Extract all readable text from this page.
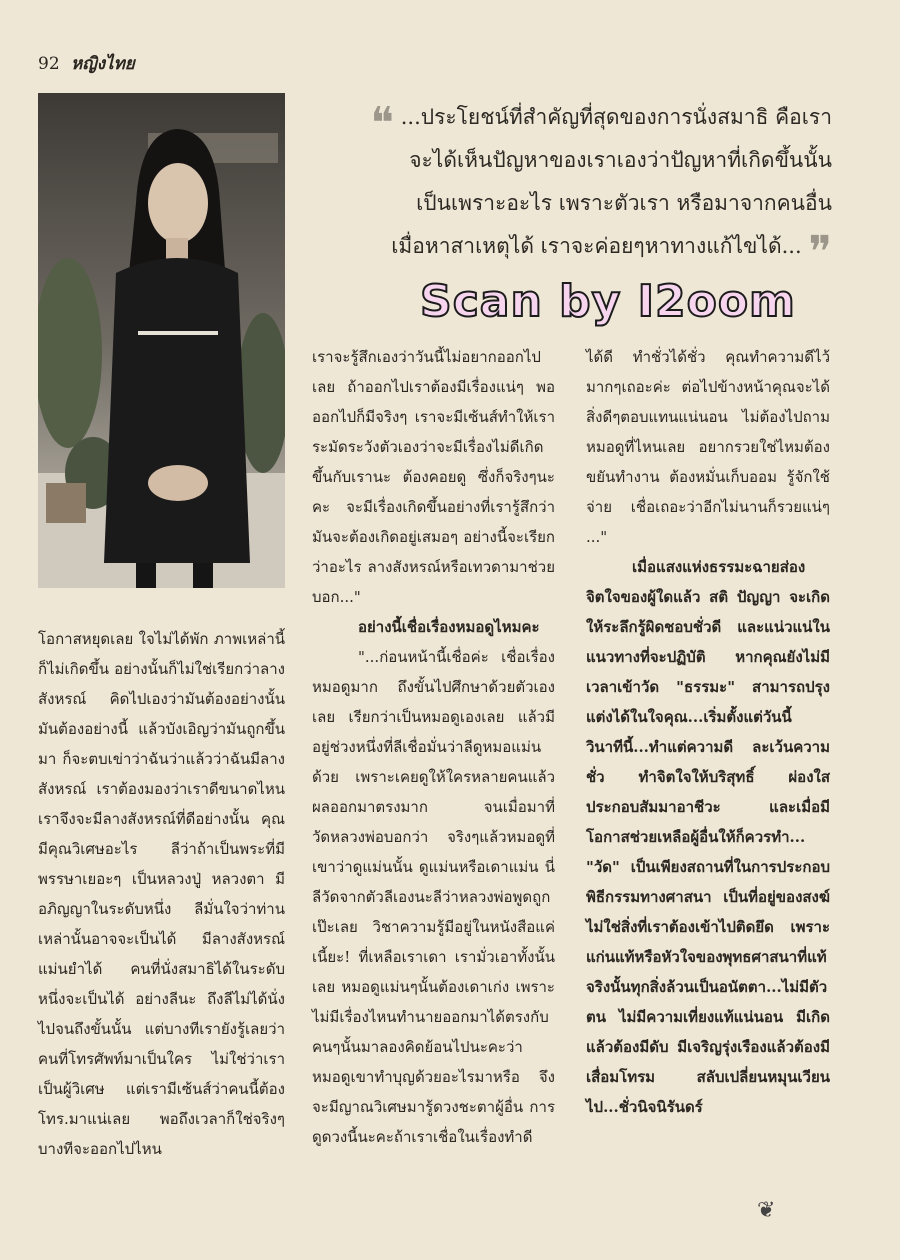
92 หญิงไทย
❝ ...ประโยชน์ที่สำคัญที่สุดของการนั่งสมาธิ คือเรา
จะได้เห็นปัญหาของเราเองว่าปัญหาที่เกิดขึ้นนั้น
เป็นเพราะอะไร เพราะตัวเรา หรือมาจากคนอื่น
เมื่อหาสาเหตุได้ เราจะค่อยๆหาทางแก้ไขได้... ❞
Scan by I2oom

โอกาสหยุดเลย ใจไม่ได้พัก ภาพเหล่านี้ก็ไม่เกิดขึ้น อย่างนั้นก็ไม่ใช่เรียกว่าลางสังหรณ์ คิดไปเองว่ามันต้องอย่างนั้น มันต้องอย่างนี้ แล้วบังเอิญว่ามันถูกขึ้นมา ก็จะตบเข่าว่าฉันว่าแล้วว่าฉันมีลางสังหรณ์ เราต้องมองว่าเราดีขนาดไหนเราจึงจะมีลางสังหรณ์ที่ดีอย่างนั้น คุณมีคุณวิเศษอะไร ลีว่าถ้าเป็นพระที่มีพรรษาเยอะๆ เป็นหลวงปู่ หลวงตา มีอภิญญาในระดับหนึ่ง ลีมั่นใจว่าท่านเหล่านั้นอาจจะเป็นได้ มีลางสังหรณ์แม่นยำได้ คนที่นั่งสมาธิได้ในระดับหนึ่งจะเป็นได้ อย่างลีนะ ถึงลีไม่ได้นั่งไปจนถึงขั้นนั้น แต่บางทีเรายังรู้เลยว่าคนที่โทรศัพท์มาเป็นใคร ไม่ใช่ว่าเราเป็นผู้วิเศษ แต่เรามีเซ้นส์ว่าคนนี้ต้องโทร.มาแน่เลย พอถึงเวลาก็ใช่จริงๆ บางทีจะออกไปไหน

เราจะรู้สึกเองว่าวันนี้ไม่อยากออกไปเลย ถ้าออกไปเราต้องมีเรื่องแน่ๆ พอออกไปก็มีจริงๆ เราจะมีเซ้นส์ทำให้เราระมัดระวังตัวเองว่าจะมีเรื่องไม่ดีเกิดขึ้นกับเรานะ ต้องคอยดู ซึ่งก็จริงๆนะคะ จะมีเรื่องเกิดขึ้นอย่างที่เรารู้สึกว่ามันจะต้องเกิดอยู่เสมอๆ อย่างนี้จะเรียกว่าอะไร ลางสังหรณ์หรือเทวดามาช่วยบอก..."

อย่างนี้เชื่อเรื่องหมอดูไหมคะ

"...ก่อนหน้านี้เชื่อค่ะ เชื่อเรื่องหมอดูมาก ถึงขั้นไปศึกษาด้วยตัวเองเลย เรียกว่าเป็นหมอดูเองเลย แล้วมีอยู่ช่วงหนึ่งที่ลีเชื่อมั่นว่าลีดูหมอแม่นด้วย เพราะเคยดูให้ใครหลายคนแล้วผลออกมาตรงมาก จนเมื่อมาที่วัดหลวงพ่อบอกว่า จริงๆแล้วหมอดูที่เขาว่าดูแม่นนั้น ดูแม่นหรือเดาแม่น นี่ลีวัดจากตัวลีเองนะลีว่าหลวงพ่อพูดถูกเป๊ะเลย วิชาความรู้มีอยู่ในหนังสือแค่เนี้ยะ! ที่เหลือเราเดา เรามั่วเอาทั้งนั้นเลย หมอดูแม่นๆนั้นต้องเดาเก่ง เพราะไม่มีเรื่องไหนทำนายออกมาได้ตรงกับคนๆนั้นมาลองคิดย้อนไปนะคะว่าหมอดูเขาทำบุญด้วยอะไรมาหรือ จึงจะมีญาณวิเศษมารู้ดวงชะตาผู้อื่น การดูดวงนี้นะคะถ้าเราเชื่อในเรื่องทำดี

ได้ดี ทำชั่วได้ชั่ว คุณทำความดีไว้มากๆเถอะค่ะ ต่อไปข้างหน้าคุณจะได้สิ่งดีๆตอบแทนแน่นอน ไม่ต้องไปถามหมอดูที่ไหนเลย อยากรวยใช่ไหมต้องขยันทำงาน ต้องหมั่นเก็บออม รู้จักใช้จ่าย เชื่อเถอะว่าอีกไม่นานก็รวยแน่ๆ ..."

เมื่อแสงแห่งธรรมะฉายส่องจิตใจของผู้ใดแล้ว สติ ปัญญา จะเกิดให้ระลึกรู้ผิดชอบชั่วดี และแน่วแน่ในแนวทางที่จะปฏิบัติ หากคุณยังไม่มีเวลาเข้าวัด "ธรรมะ" สามารถปรุงแต่งได้ในใจคุณ...เริ่มตั้งแต่วันนี้ วินาทีนี้...ทำแต่ความดี ละเว้นความชั่ว ทำจิตใจให้บริสุทธิ์ ผ่องใส ประกอบสัมมาอาชีวะ และเมื่อมีโอกาสช่วยเหลือผู้อื่นให้ก็ควรทำ... "วัด" เป็นเพียงสถานที่ในการประกอบพิธีกรรมทางศาสนา เป็นที่อยู่ของสงฆ์ ไม่ใช่สิ่งที่เราต้องเข้าไปติดยึด เพราะแก่นแท้หรือหัวใจของพุทธศาสนาที่แท้จริงนั้นทุกสิ่งล้วนเป็นอนัตตา...ไม่มีตัวตน ไม่มีความเที่ยงแท้แน่นอน มีเกิดแล้วต้องมีดับ มีเจริญรุ่งเรืองแล้วต้องมีเสื่อมโทรม สลับเปลี่ยนหมุนเวียนไป...ชั่วนิจนิรันดร์

❦
